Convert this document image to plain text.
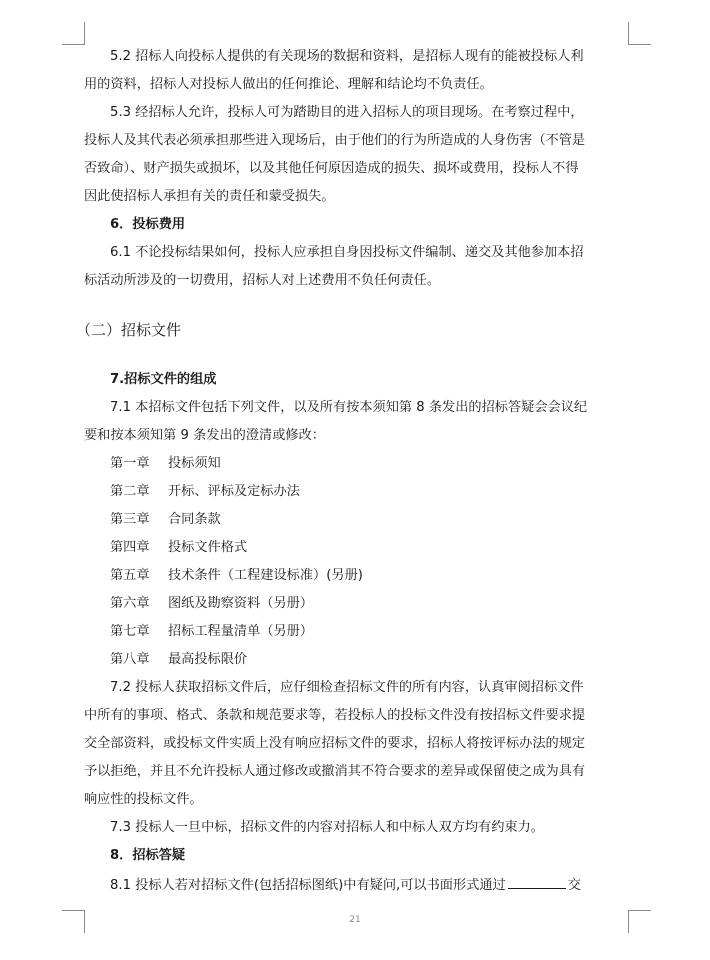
5.2 招标人向投标人提供的有关现场的数据和资料，是招标人现有的能被投标人利
用的资料，招标人对投标人做出的任何推论、理解和结论均不负责任。
5.3 经招标人允许，投标人可为踏勘目的进入招标人的项目现场。在考察过程中，
投标人及其代表必须承担那些进入现场后，由于他们的行为所造成的人身伤害（不管是
否致命）、财产损失或损坏，以及其他任何原因造成的损失、损坏或费用，投标人不得
因此使招标人承担有关的责任和蒙受损失。
6．投标费用
6.1 不论投标结果如何，投标人应承担自身因投标文件编制、递交及其他参加本招
标活动所涉及的一切费用，招标人对上述费用不负任何责任。
（二）招标文件
7.招标文件的组成
7.1 本招标文件包括下列文件，以及所有按本须知第 8 条发出的招标答疑会会议纪
要和按本须知第 9 条发出的澄清或修改：
第一章 投标须知
第二章 开标、评标及定标办法
第三章 合同条款
第四章 投标文件格式
第五章 技术条件（工程建设标准）(另册)
第六章 图纸及勘察资料（另册）
第七章 招标工程量清单（另册）
第八章 最高投标限价
7.2 投标人获取招标文件后，应仔细检查招标文件的所有内容，认真审阅招标文件
中所有的事项、格式、条款和规范要求等，若投标人的投标文件没有按招标文件要求提
交全部资料，或投标文件实质上没有响应招标文件的要求，招标人将按评标办法的规定
予以拒绝，并且不允许投标人通过修改或撤消其不符合要求的差异或保留使之成为具有
响应性的投标文件。
7.3 投标人一旦中标，招标文件的内容对招标人和中标人双方均有约束力。
8．招标答疑
8.1 投标人若对招标文件(包括招标图纸)中有疑问,可以书面形式通过	交
21
